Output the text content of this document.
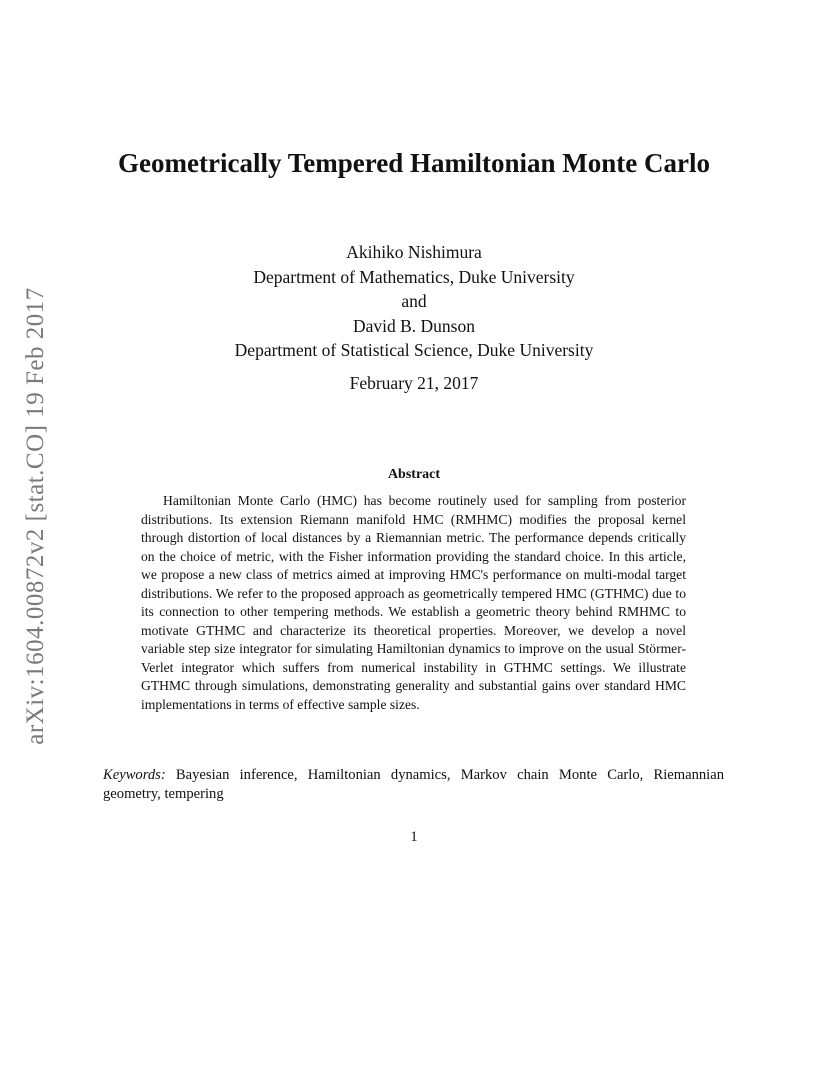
arXiv:1604.00872v2 [stat.CO] 19 Feb 2017
Geometrically Tempered Hamiltonian Monte Carlo
Akihiko Nishimura
Department of Mathematics, Duke University
and
David B. Dunson
Department of Statistical Science, Duke University
February 21, 2017
Abstract

Hamiltonian Monte Carlo (HMC) has become routinely used for sampling from posterior distributions. Its extension Riemann manifold HMC (RMHMC) modifies the proposal kernel through distortion of local distances by a Riemannian metric. The performance depends critically on the choice of metric, with the Fisher information providing the standard choice. In this article, we propose a new class of metrics aimed at improving HMC's performance on multi-modal target distributions. We refer to the proposed approach as geometrically tempered HMC (GTHMC) due to its connection to other tempering methods. We establish a geometric theory behind RMHMC to motivate GTHMC and characterize its theoretical properties. Moreover, we develop a novel variable step size integrator for simulating Hamiltonian dynamics to improve on the usual Störmer-Verlet integrator which suffers from numerical instability in GTHMC settings. We illustrate GTHMC through simulations, demonstrating generality and substantial gains over standard HMC implementations in terms of effective sample sizes.

Keywords: Bayesian inference, Hamiltonian dynamics, Markov chain Monte Carlo, Riemannian geometry, tempering

1
